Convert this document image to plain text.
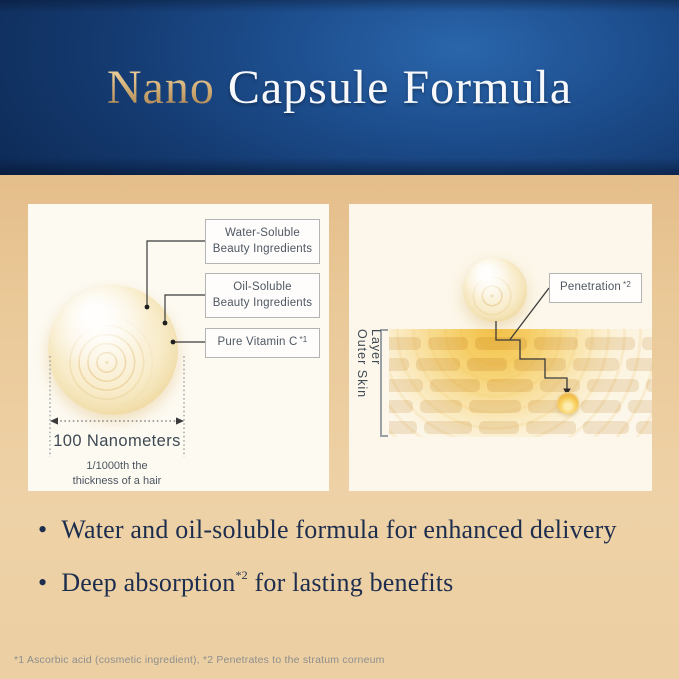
Nano Capsule Formula
Water-Soluble
Beauty Ingredients
Oil-Soluble
Beauty Ingredients
Pure Vitamin C *1
100 Nanometers
1/1000th the
thickness of a hair
Outer Skin Layer
Penetration *2
• Water and oil-soluble formula for enhanced delivery
• Deep absorption$^{*2}$ for lasting benefits
*1 Ascorbic acid (cosmetic ingredient), *2 Penetrates to the stratum corneum
